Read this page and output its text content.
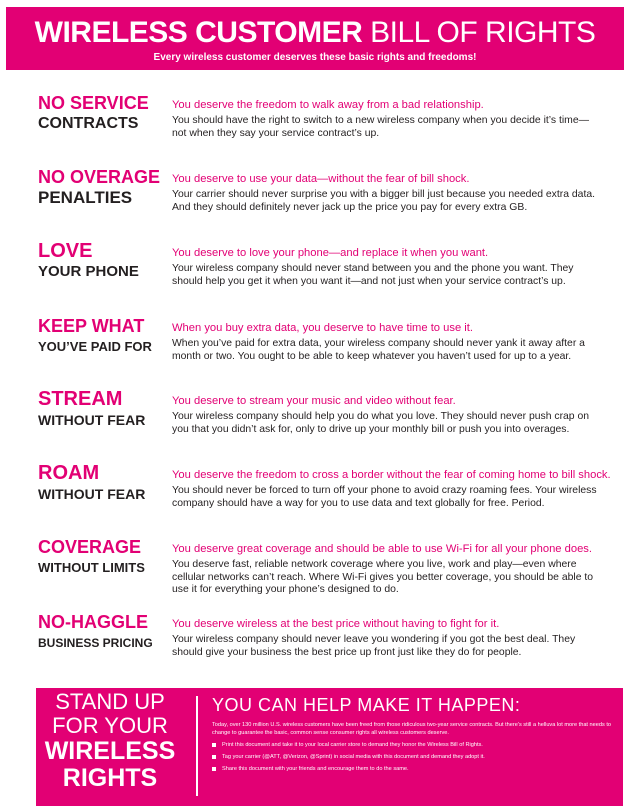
WIRELESS CUSTOMER BILL OF RIGHTS
Every wireless customer deserves these basic rights and freedoms!
NO SERVICE
CONTRACTS
You deserve the freedom to walk away from a bad relationship.
You should have the right to switch to a new wireless company when you decide it’s time—not when they say your service contract’s up.
NO OVERAGE
PENALTIES
You deserve to use your data—without the fear of bill shock.
Your carrier should never surprise you with a bigger bill just because you needed extra data. And they should definitely never jack up the price you pay for every extra GB.
LOVE
YOUR PHONE
You deserve to love your phone—and replace it when you want.
Your wireless company should never stand between you and the phone you want. They should help you get it when you want it—and not just when your service contract’s up.
KEEP WHAT
YOU’VE PAID FOR
When you buy extra data, you deserve to have time to use it.
When you’ve paid for extra data, your wireless company should never yank it away after a month or two. You ought to be able to keep whatever you haven’t used for up to a year.
STREAM
WITHOUT FEAR
You deserve to stream your music and video without fear.
Your wireless company should help you do what you love. They should never push crap on you that you didn’t ask for, only to drive up your monthly bill or push you into overages.
ROAM
WITHOUT FEAR
You deserve the freedom to cross a border without the fear of coming home to bill shock.
You should never be forced to turn off your phone to avoid crazy roaming fees. Your wireless company should have a way for you to use data and text globally for free. Period.
COVERAGE
WITHOUT LIMITS
You deserve great coverage and should be able to use Wi-Fi for all your phone does.
You deserve fast, reliable network coverage where you live, work and play—even where cellular networks can’t reach. Where Wi-Fi gives you better coverage, you should be able to use it for everything your phone’s designed to do.
NO-HAGGLE
BUSINESS PRICING
You deserve wireless at the best price without having to fight for it.
Your wireless company should never leave you wondering if you got the best deal. They should give your business the best price up front just like they do for people.
STAND UP
FOR YOUR
WIRELESS
RIGHTS
YOU CAN HELP MAKE IT HAPPEN:
Today, over 130 million U.S. wireless customers have been freed from those ridiculous two-year service contracts. But there’s still a helluva lot more that needs to change to guarantee the basic, common sense consumer rights all wireless customers deserve.
Print this document and take it to your local carrier store to demand they honor the Wireless Bill of Rights.
Tag your carrier (@ATT, @Verizon, @Sprint) in social media with this document and demand they adopt it.
Share this document with your friends and encourage them to do the same.
